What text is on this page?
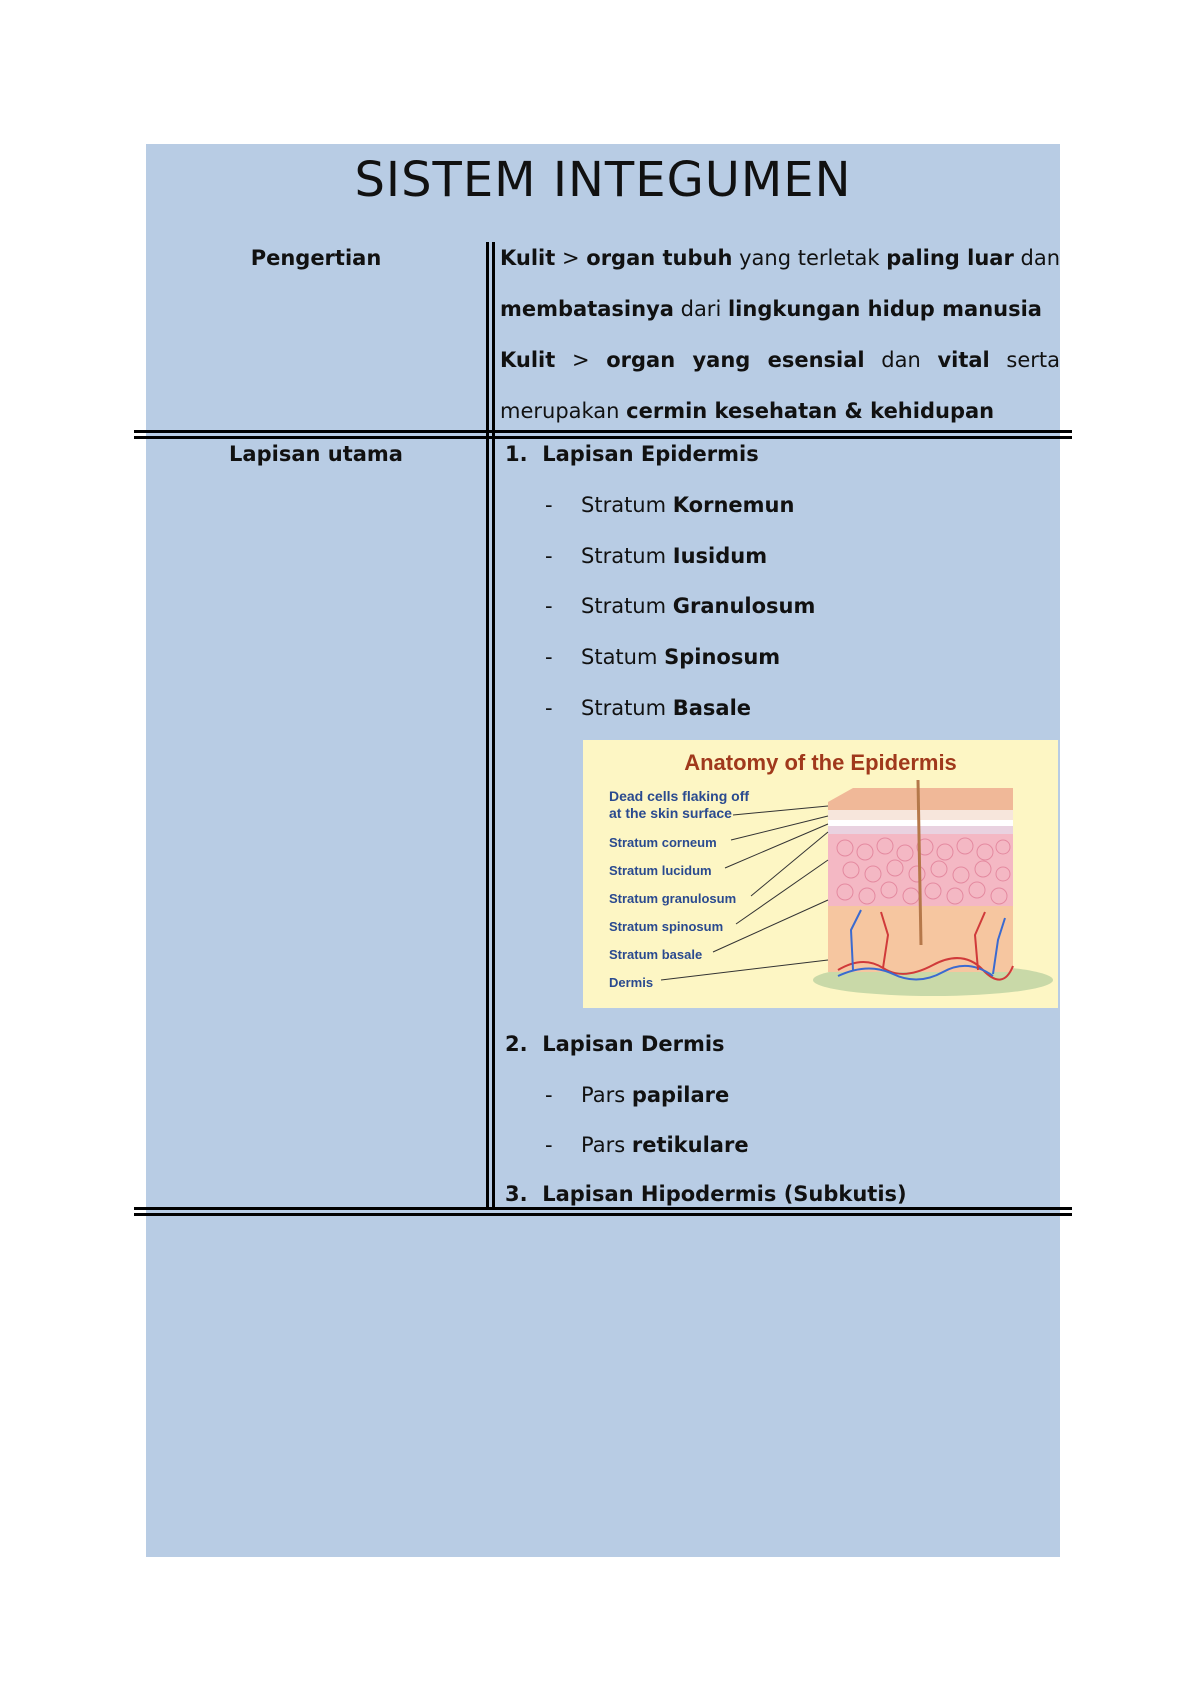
SISTEM INTEGUMEN
Pengertian	Kulit > organ tubuh yang terletak paling luar dan
membatasinya dari lingkungan hidup manusia
Kulit > organ yang esensial dan vital serta
merupakan cermin kesehatan & kehidupan
Lapisan utama	1. Lapisan Epidermis
- Stratum Kornemun
- Stratum Iusidum
- Stratum Granulosum
- Statum Spinosum
- Stratum Basale
Anatomy of the Epidermis
Dead cells flaking off
at the skin surface
Stratum corneum
Stratum lucidum
Stratum granulosum
Stratum spinosum
Stratum basale
Dermis
2. Lapisan Dermis
- Pars papilare
- Pars retikulare
3. Lapisan Hipodermis (Subkutis)
